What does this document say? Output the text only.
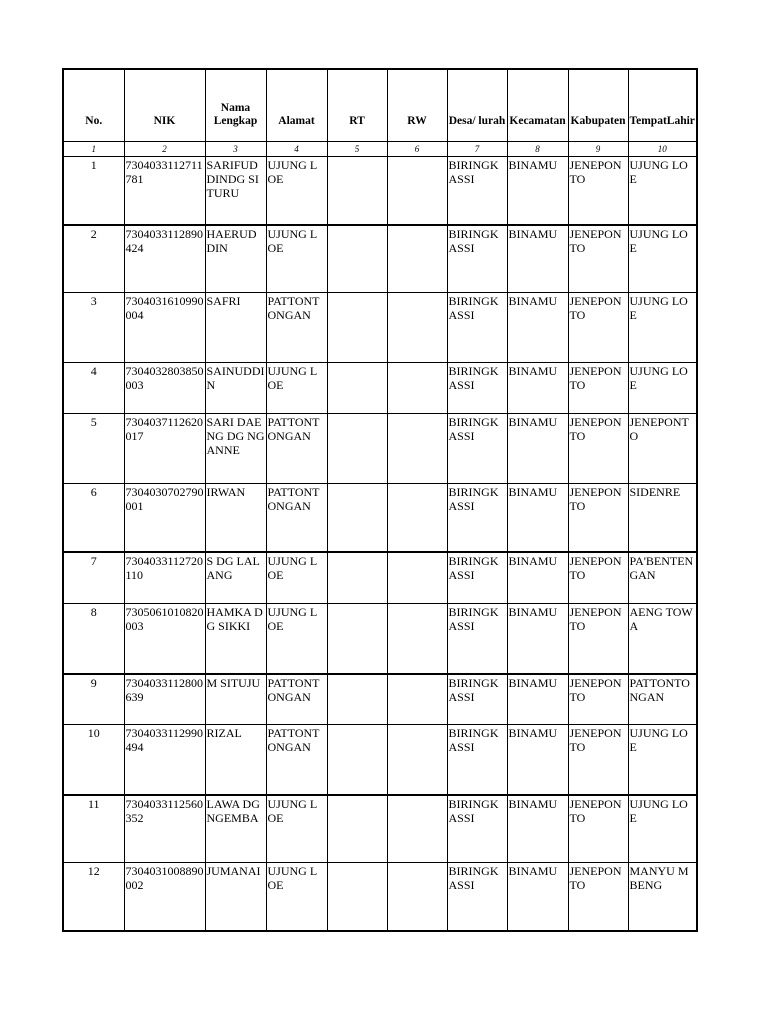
No.	NIK	Nama Lengkap	Alamat	RT	RW	Desa/ lurah	Kecamatan	Kabupaten	TempatLahir
1	2	3	4	5	6	7	8	9	10
1	7304033112711781	SARIFUDDINDG SITURU	UJUNG LOE			BIRINGKASSI	BINAMU	JENEPONTO	UJUNG LOE
2	7304033112890424	HAERUDDIN	UJUNG LOE			BIRINGKASSI	BINAMU	JENEPONTO	UJUNG LOE
3	7304031610990004	SAFRI	PATTONTONGAN			BIRINGKASSI	BINAMU	JENEPONTO	UJUNG LOE
4	7304032803850003	SAINUDDIN	UJUNG LOE			BIRINGKASSI	BINAMU	JENEPONTO	UJUNG LOE
5	7304037112620017	SARI DAENG DG NGANNE	PATTONTONGAN			BIRINGKASSI	BINAMU	JENEPONTO	JENEPONTO
6	7304030702790001	IRWAN	PATTONTONGAN			BIRINGKASSI	BINAMU	JENEPONTO	SIDENRE
7	7304033112720110	S DG LALANG	UJUNG LOE			BIRINGKASSI	BINAMU	JENEPONTO	PA'BENTENGAN
8	7305061010820003	HAMKA DG SIKKI	UJUNG LOE			BIRINGKASSI	BINAMU	JENEPONTO	AENG TOWA
9	7304033112800639	M SITUJU	PATTONTONGAN			BIRINGKASSI	BINAMU	JENEPONTO	PATTONTONGAN
10	7304033112990494	RIZAL	PATTONTONGAN			BIRINGKASSI	BINAMU	JENEPONTO	UJUNG LOE
11	7304033112560352	LAWA DG NGEMBA	UJUNG LOE			BIRINGKASSI	BINAMU	JENEPONTO	UJUNG LOE
12	7304031008890002	JUMANAI	UJUNG LOE			BIRINGKASSI	BINAMU	JENEPONTO	MANYU MBENG
